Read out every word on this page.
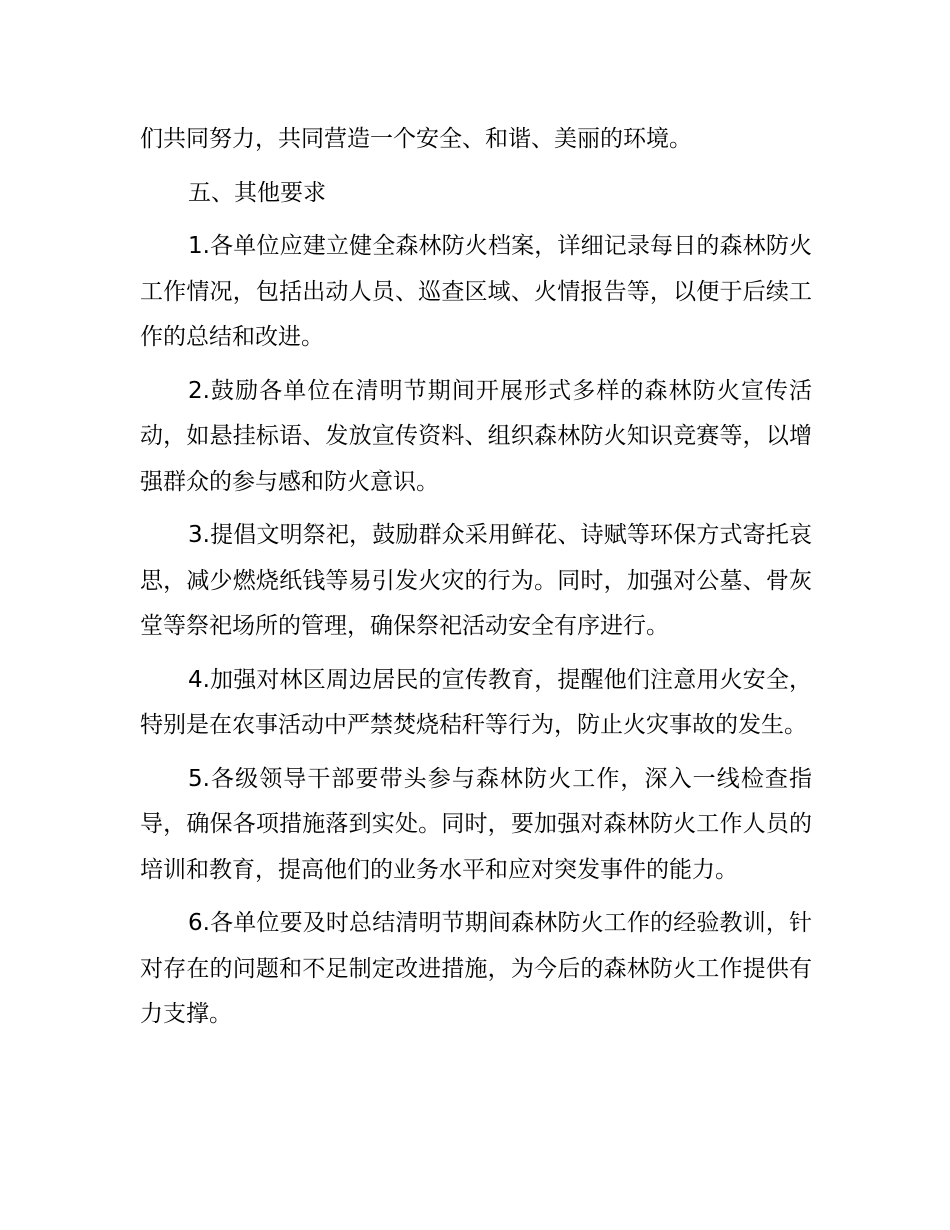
们共同努力，共同营造一个安全、和谐、美丽的环境。

五、其他要求

1.各单位应建立健全森林防火档案，详细记录每日的森林防火工作情况，包括出动人员、巡查区域、火情报告等，以便于后续工作的总结和改进。

2.鼓励各单位在清明节期间开展形式多样的森林防火宣传活动，如悬挂标语、发放宣传资料、组织森林防火知识竞赛等，以增强群众的参与感和防火意识。

3.提倡文明祭祀，鼓励群众采用鲜花、诗赋等环保方式寄托哀思，减少燃烧纸钱等易引发火灾的行为。同时，加强对公墓、骨灰堂等祭祀场所的管理，确保祭祀活动安全有序进行。

4.加强对林区周边居民的宣传教育，提醒他们注意用火安全，特别是在农事活动中严禁焚烧秸秆等行为，防止火灾事故的发生。

5.各级领导干部要带头参与森林防火工作，深入一线检查指导，确保各项措施落到实处。同时，要加强对森林防火工作人员的培训和教育，提高他们的业务水平和应对突发事件的能力。

6.各单位要及时总结清明节期间森林防火工作的经验教训，针对存在的问题和不足制定改进措施，为今后的森林防火工作提供有力支撑。
